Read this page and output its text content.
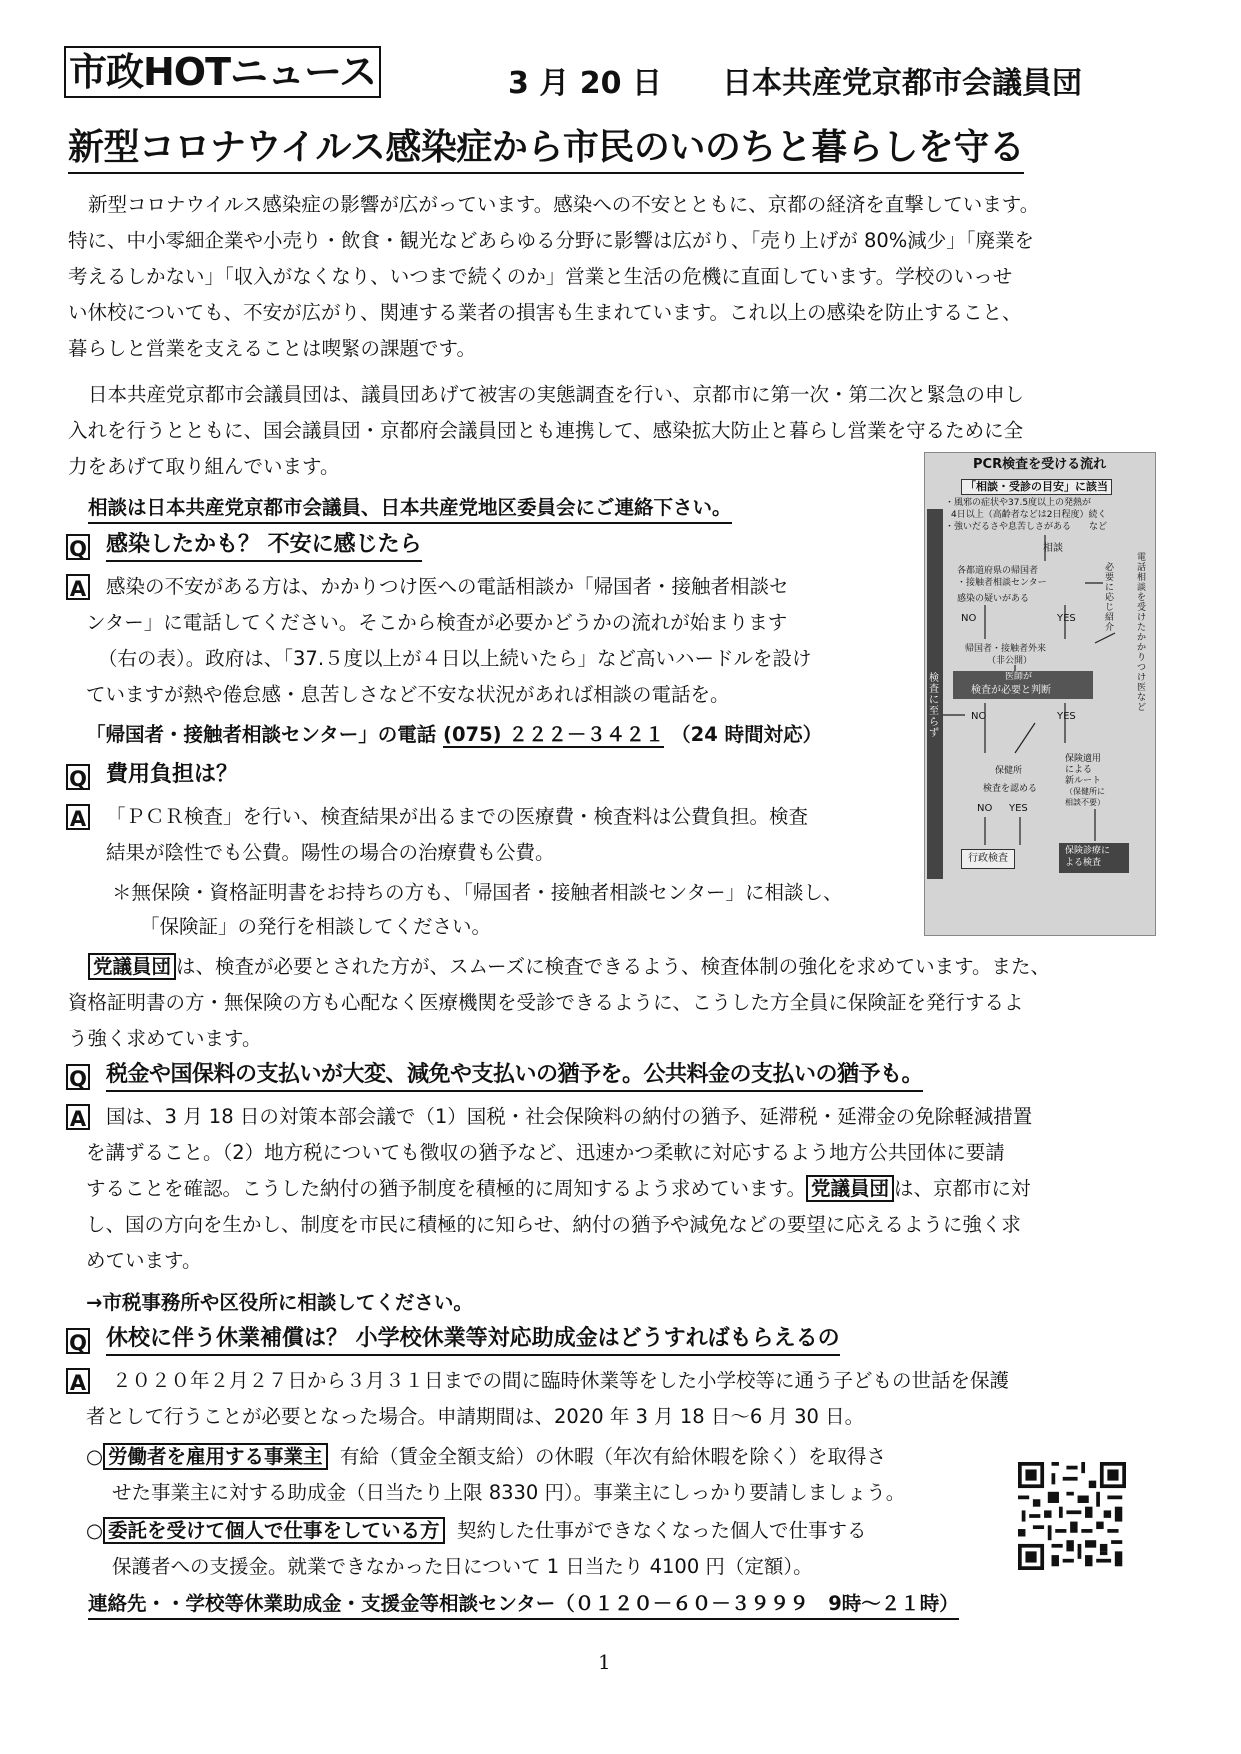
市政HOTニュース	3 月 20 日 日本共産党京都市会議員団
新型コロナウイルス感染症から市民のいのちと暮らしを守る
新型コロナウイルス感染症の影響が広がっています。感染への不安とともに、京都の経済を直撃しています。
特に、中小零細企業や小売り・飲食・観光などあらゆる分野に影響は広がり、「売り上げが 80%減少」「廃業を
考えるしかない」「収入がなくなり、いつまで続くのか」営業と生活の危機に直面しています。学校のいっせ
い休校についても、不安が広がり、関連する業者の損害も生まれています。これ以上の感染を防止すること、
暮らしと営業を支えることは喫緊の課題です。
日本共産党京都市会議員団は、議員団あげて被害の実態調査を行い、京都市に第一次・第二次と緊急の申し
入れを行うとともに、国会議員団・京都府会議員団とも連携して、感染拡大防止と暮らし営業を守るために全
力をあげて取り組んでいます。
相談は日本共産党京都市会議員、日本共産党地区委員会にご連絡下さい。
Q 感染したかも？ 不安に感じたら
A 感染の不安がある方は、かかりつけ医への電話相談か「帰国者・接触者相談セ
ンター」に電話してください。そこから検査が必要かどうかの流れが始まります
（右の表）。政府は、「37.５度以上が４日以上続いたら」など高いハードルを設け
ていますが熱や倦怠感・息苦しさなど不安な状況があれば相談の電話を。
「帰国者・接触者相談センター」の電話 (075) ２２２－３４２１ （24 時間対応）
Q 費用負担は？
A 「ＰＣＲ検査」を行い、検査結果が出るまでの医療費・検査料は公費負担。検査
結果が陰性でも公費。陽性の場合の治療費も公費。
＊無保険・資格証明書をお持ちの方も、「帰国者・接触者相談センター」に相談し、
「保険証」の発行を相談してください。
党議員団 は、検査が必要とされた方が、スムーズに検査できるよう、検査体制の強化を求めています。また、
資格証明書の方・無保険の方も心配なく医療機関を受診できるように、こうした方全員に保険証を発行するよ
う強く求めています。
Q 税金や国保料の支払いが大変、減免や支払いの猶予を。公共料金の支払いの猶予も。
A 国は、3 月 18 日の対策本部会議で（1）国税・社会保険料の納付の猶予、延滞税・延滞金の免除軽減措置
を講ずること。（2）地方税についても徴収の猶予など、迅速かつ柔軟に対応するよう地方公共団体に要請
することを確認。こうした納付の猶予制度を積極的に周知するよう求めています。 党議員団 は、京都市に対
し、国の方向を生かし、制度を市民に積極的に知らせ、納付の猶予や減免などの要望に応えるように強く求
めています。
→市税事務所や区役所に相談してください。
Q 休校に伴う休業補償は？ 小学校休業等対応助成金はどうすればもらえるの
A ２０２０年２月２７日から３月３１日までの間に臨時休業等をした小学校等に通う子どもの世話を保護
者として行うことが必要となった場合。申請期間は、2020 年 3 月 18 日～6 月 30 日。
○ 労働者を雇用する事業主 有給（賃金全額支給）の休暇（年次有給休暇を除く）を取得さ
せた事業主に対する助成金（日当たり上限 8330 円）。事業主にしっかり要請しましょう。
○ 委託を受けて個人で仕事をしている方 契約した仕事ができなくなった個人で仕事する
保護者への支援金。就業できなかった日について 1 日当たり 4100 円（定額）。
連絡先・・学校等休業助成金・支援金等相談センター（０１２０－６０－３９９９　9時～２１時）
PCR検査を受ける流れ
「相談・受診の目安」に該当
・風邪の症状や37.5度以上の発熱が
4日以上（高齢者などは2日程度）続く
・強いだるさや息苦しさがある　　など
相談
検査に至らず
電話相談を受けたかかりつけ医など
必要に応じ紹介
各都道府県の帰国者
・接触者相談センター
感染の疑いがある
NO	YES
帰国者・接触者外来
（非公開）
医師が
検査が必要と判断
NO	YES
保健所
検査を認める
NO YES
保険適用
による
新ルート
（保健所に
相談不要）
行政検査
保険診療に
よる検査
1
